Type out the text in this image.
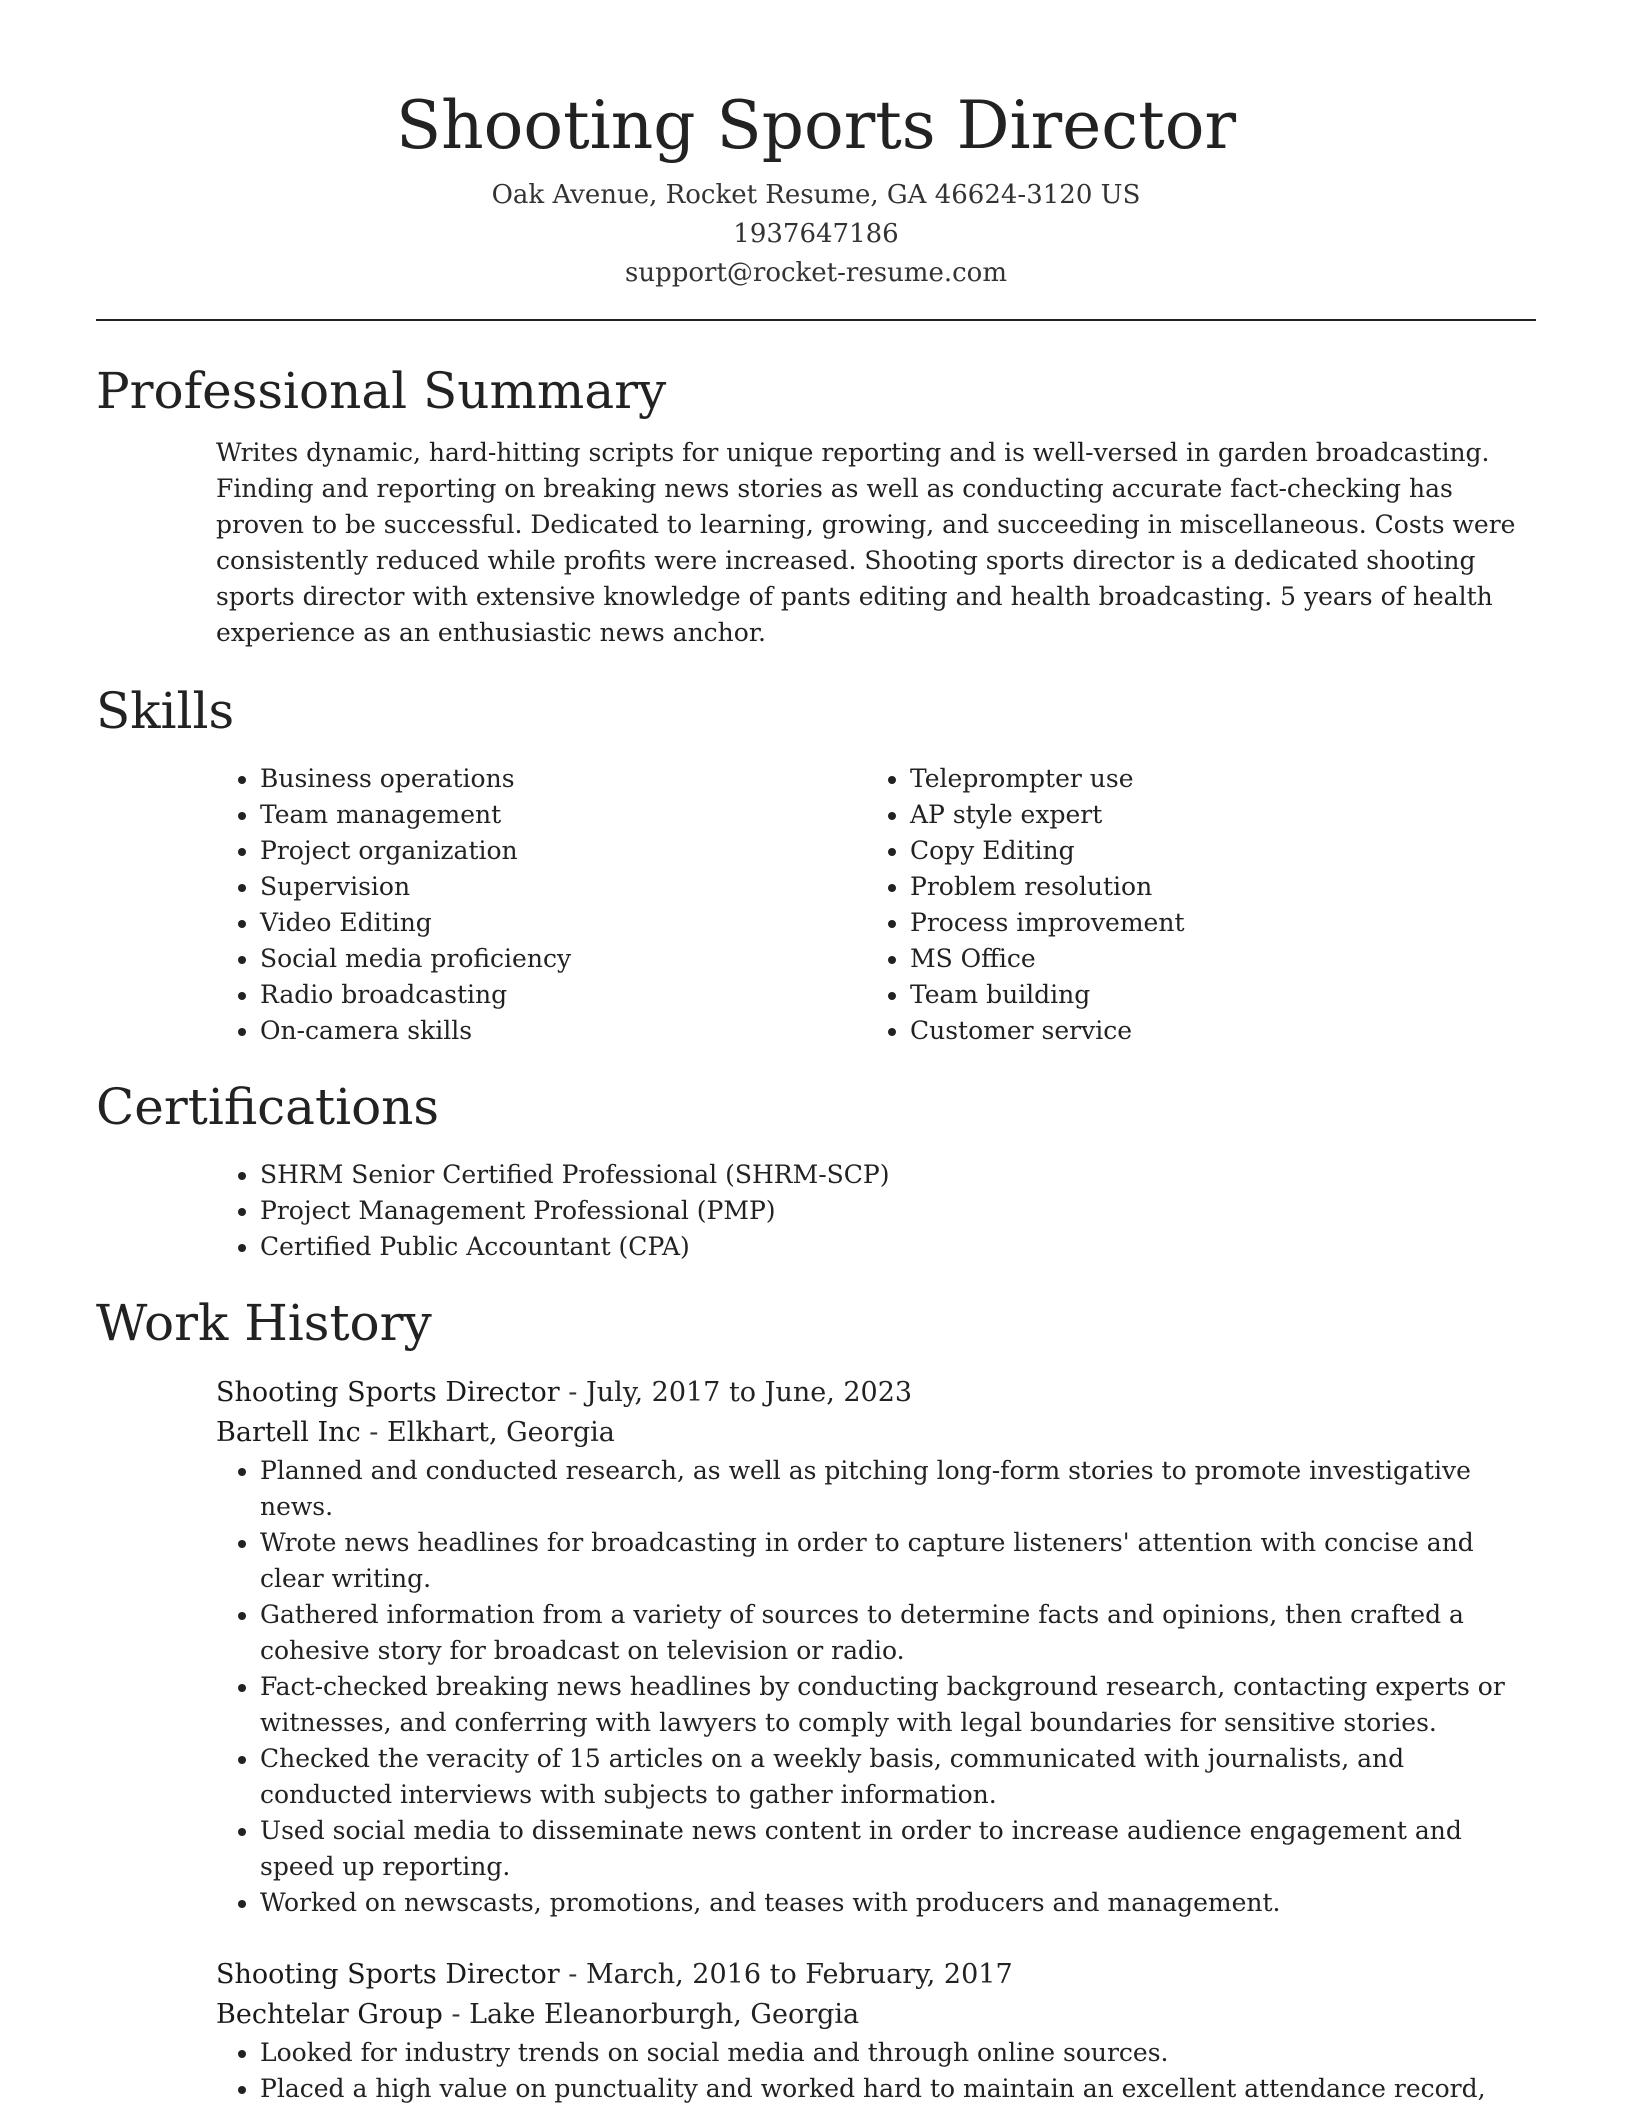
Shooting Sports Director
Oak Avenue, Rocket Resume, GA 46624-3120 US
1937647186
support@rocket-resume.com
Professional Summary
Writes dynamic, hard-hitting scripts for unique reporting and is well-versed in garden broadcasting. Finding and reporting on breaking news stories as well as conducting accurate fact-checking has proven to be successful. Dedicated to learning, growing, and succeeding in miscellaneous. Costs were consistently reduced while profits were increased. Shooting sports director is a dedicated shooting sports director with extensive knowledge of pants editing and health broadcasting. 5 years of health experience as an enthusiastic news anchor.
Skills
• Business operations
• Team management
• Project organization
• Supervision
• Video Editing
• Social media proficiency
• Radio broadcasting
• On-camera skills
• Teleprompter use
• AP style expert
• Copy Editing
• Problem resolution
• Process improvement
• MS Office
• Team building
• Customer service
Certifications
• SHRM Senior Certified Professional (SHRM-SCP)
• Project Management Professional (PMP)
• Certified Public Accountant (CPA)
Work History
Shooting Sports Director - July, 2017 to June, 2023
Bartell Inc - Elkhart, Georgia
• Planned and conducted research, as well as pitching long-form stories to promote investigative news.
• Wrote news headlines for broadcasting in order to capture listeners' attention with concise and clear writing.
• Gathered information from a variety of sources to determine facts and opinions, then crafted a cohesive story for broadcast on television or radio.
• Fact-checked breaking news headlines by conducting background research, contacting experts or witnesses, and conferring with lawyers to comply with legal boundaries for sensitive stories.
• Checked the veracity of 15 articles on a weekly basis, communicated with journalists, and conducted interviews with subjects to gather information.
• Used social media to disseminate news content in order to increase audience engagement and speed up reporting.
• Worked on newscasts, promotions, and teases with producers and management.
Shooting Sports Director - March, 2016 to February, 2017
Bechtelar Group - Lake Eleanorburgh, Georgia
• Looked for industry trends on social media and through online sources.
• Placed a high value on punctuality and worked hard to maintain an excellent attendance record,
